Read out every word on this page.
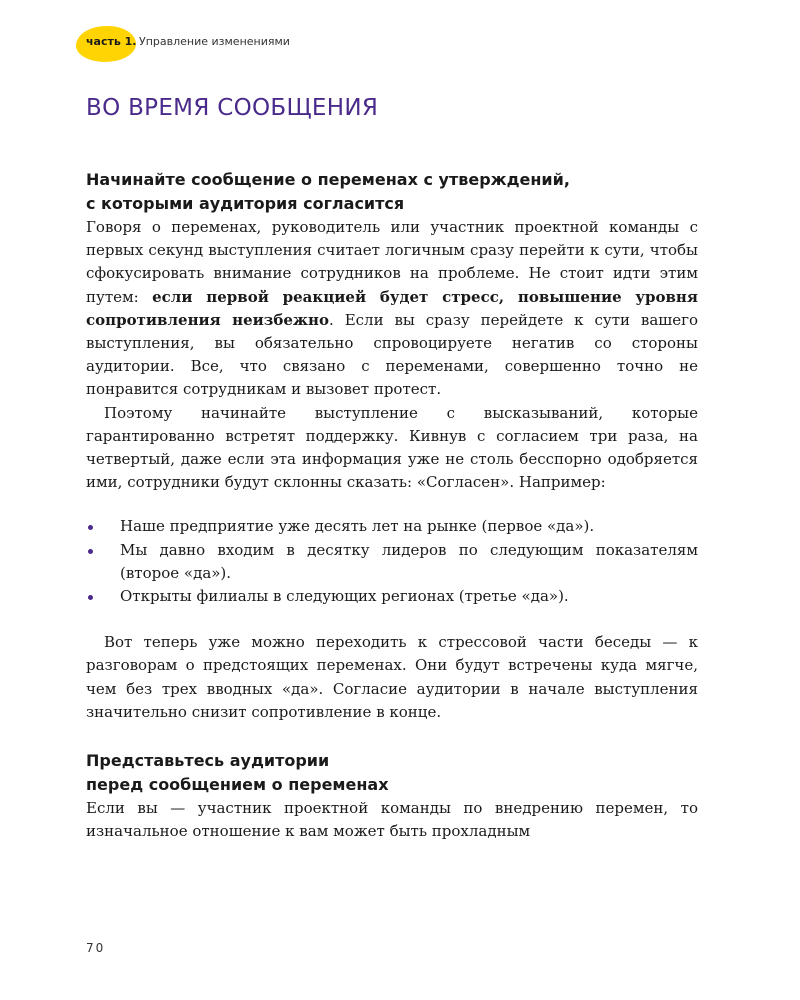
часть 1. Управление изменениями
ВО ВРЕМЯ СООБЩЕНИЯ
Начинайте сообщение о переменах с утверждений,
с которыми аудитория согласится

Говоря о переменах, руководитель или участник проектной команды с первых секунд выступления считает логичным сразу перейти к сути, чтобы сфокусировать внимание сотрудников на проблеме. Не стоит идти этим путем: если первой реакцией будет стресс, повышение уровня сопротивления неизбежно. Если вы сразу перейдете к сути вашего выступления, вы обязательно спровоцируете негатив со стороны аудитории. Все, что связано с переменами, совершенно точно не понравится сотрудникам и вызовет протест.

Поэтому начинайте выступление с высказываний, которые гарантированно встретят поддержку. Кивнув с согласием три раза, на четвертый, даже если эта информация уже не столь бесспорно одобряется ими, сотрудники будут склонны сказать: «Согласен». Например:

Наше предприятие уже десять лет на рынке (первое «да»).
Мы давно входим в десятку лидеров по следующим показателям (второе «да»).
Открыты филиалы в следующих регионах (третье «да»).

Вот теперь уже можно переходить к стрессовой части беседы — к разговорам о предстоящих переменах. Они будут встречены куда мягче, чем без трех вводных «да». Согласие аудитории в начале выступления значительно снизит сопротивление в конце.

Представьтесь аудитории
перед сообщением о переменах

Если вы — участник проектной команды по внедрению перемен, то изначальное отношение к вам может быть прохладным

70
